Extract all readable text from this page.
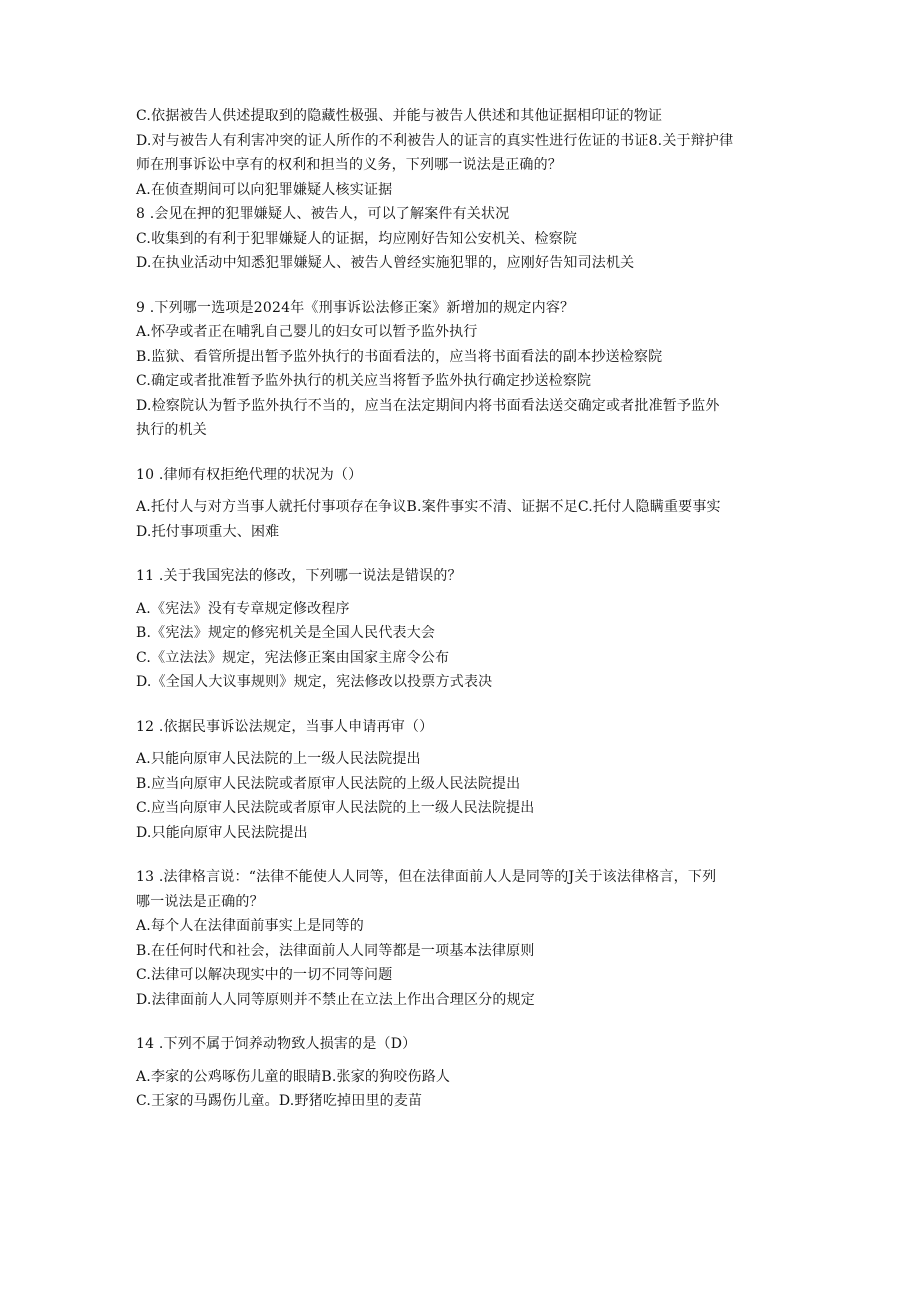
C.依据被告人供述提取到的隐藏性极强、并能与被告人供述和其他证据相印证的物证
D.对与被告人有利害冲突的证人所作的不利被告人的证言的真实性进行佐证的书证8.关于辩护律
师在刑事诉讼中享有的权利和担当的义务，下列哪一说法是正确的？
A.在侦查期间可以向犯罪嫌疑人核实证据
8 .会见在押的犯罪嫌疑人、被告人，可以了解案件有关状况
C.收集到的有利于犯罪嫌疑人的证据，均应刚好告知公安机关、检察院
D.在执业活动中知悉犯罪嫌疑人、被告人曾经实施犯罪的，应刚好告知司法机关
9 .下列哪一选项是2024年《刑事诉讼法修正案》新增加的规定内容？
A.怀孕或者正在哺乳自己婴儿的妇女可以暂予监外执行
B.监狱、看管所提出暂予监外执行的书面看法的，应当将书面看法的副本抄送检察院
C.确定或者批准暂予监外执行的机关应当将暂予监外执行确定抄送检察院
D.检察院认为暂予监外执行不当的，应当在法定期间内将书面看法送交确定或者批准暂予监外
执行的机关
10 .律师有权拒绝代理的状况为（）
A.托付人与对方当事人就托付事项存在争议B.案件事实不清、证据不足C.托付人隐瞒重要事实
D.托付事项重大、困难
11 .关于我国宪法的修改，下列哪一说法是错误的？
A.《宪法》没有专章规定修改程序
B.《宪法》规定的修宪机关是全国人民代表大会
C.《立法法》规定，宪法修正案由国家主席令公布
D.《全国人大议事规则》规定，宪法修改以投票方式表决
12 .依据民事诉讼法规定，当事人申请再审（）
A.只能向原审人民法院的上一级人民法院提出
B.应当向原审人民法院或者原审人民法院的上级人民法院提出
C.应当向原审人民法院或者原审人民法院的上一级人民法院提出
D.只能向原审人民法院提出
13 .法律格言说：“法律不能使人人同等，但在法律面前人人是同等的J关于该法律格言，下列
哪一说法是正确的？
A.每个人在法律面前事实上是同等的
B.在任何时代和社会，法律面前人人同等都是一项基本法律原则
C.法律可以解决现实中的一切不同等问题
D.法律面前人人同等原则并不禁止在立法上作出合理区分的规定
14 .下列不属于饲养动物致人损害的是（D）
A.李家的公鸡啄伤儿童的眼睛B.张家的狗咬伤路人
C.王家的马踢伤儿童。D.野猪吃掉田里的麦苗
